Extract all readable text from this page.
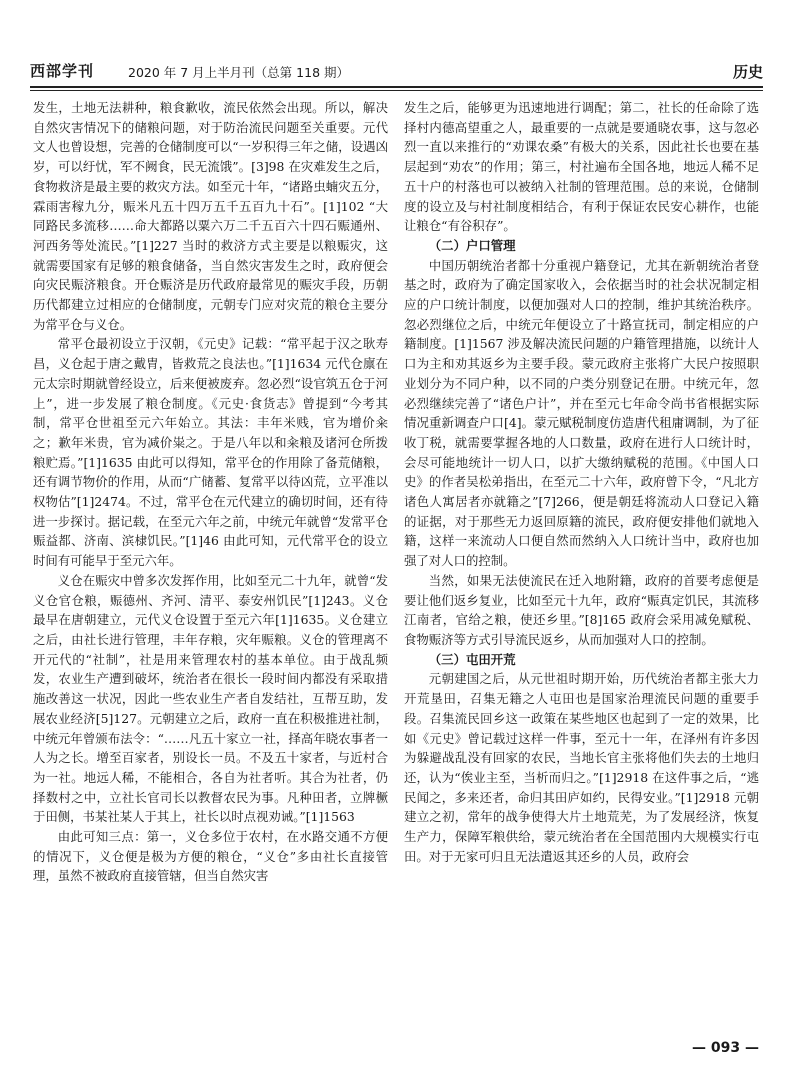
西部学刊	2020 年 7 月上半月刊（总第 118 期）	历史

发生，土地无法耕种，粮食歉收，流民依然会出现。所以，解决自然灾害情况下的储粮问题，对于防治流民问题至关重要。元代文人也曾设想，完善的仓储制度可以“一岁积得三年之储，设遇凶岁，可以纡忧，军不阙食，民无流饿”。[3]98 在灾难发生之后，食物救济是最主要的救灾方法。如至元十年，“诸路虫蝻灾五分，霖雨害稼九分，赈米凡五十四万五千五百九十石”。[1]102 “大同路民多流移……命大都路以粟六万二千五百六十四石赈通州、河西务等处流民。”[1]227 当时的救济方式主要是以粮赈灾，这就需要国家有足够的粮食储备，当自然灾害发生之时，政府便会向灾民赈济粮食。开仓赈济是历代政府最常见的赈灾手段，历朝历代都建立过相应的仓储制度，元朝专门应对灾荒的粮仓主要分为常平仓与义仓。

常平仓最初设立于汉朝，《元史》记载：“常平起于汉之耿寿昌，义仓起于唐之戴胄，皆救荒之良法也。”[1]1634 元代仓廪在元太宗时期就曾经设立，后来便被废弃。忽必烈“设官筑五仓于河上”，进一步发展了粮仓制度。《元史·食货志》曾提到“今考其制，常平仓世祖至元六年始立。其法：丰年米贱，官为增价籴之；歉年米贵，官为减价粜之。于是八年以和籴粮及诸河仓所拨粮贮焉。”[1]1635 由此可以得知，常平仓的作用除了备荒储粮，还有调节物价的作用，从而“广储蓄、复常平以待凶荒，立平准以权物估”[1]2474。不过，常平仓在元代建立的确切时间，还有待进一步探讨。据记载，在至元六年之前，中统元年就曾“发常平仓赈益都、济南、滨棣饥民。”[1]46 由此可知，元代常平仓的设立时间有可能早于至元六年。

义仓在赈灾中曾多次发挥作用，比如至元二十九年，就曾“发义仓官仓粮，赈德州、齐河、清平、泰安州饥民”[1]243。义仓最早在唐朝建立，元代义仓设置于至元六年[1]1635。义仓建立之后，由社长进行管理，丰年存粮，灾年赈粮。义仓的管理离不开元代的“社制”，社是用来管理农村的基本单位。由于战乱频发，农业生产遭到破坏，统治者在很长一段时间内都没有采取措施改善这一状况，因此一些农业生产者自发结社，互帮互助，发展农业经济[5]127。元朝建立之后，政府一直在积极推进社制，中统元年曾颁布法令：“……凡五十家立一社，择高年晓农事者一人为之长。增至百家者，别设长一员。不及五十家者，与近村合为一社。地远人稀，不能相合，各自为社者听。其合为社者，仍择数村之中，立社长官司长以教督农民为事。凡种田者，立牌橛于田侧，书某社某人于其上，社长以时点视劝诫。”[1]1563

由此可知三点：第一，义仓多位于农村，在水路交通不方便的情况下，义仓便是极为方便的粮仓，“义仓”多由社长直接管理，虽然不被政府直接管辖，但当自然灾害

发生之后，能够更为迅速地进行调配；第二，社长的任命除了选择村内德高望重之人，最重要的一点就是要通晓农事，这与忽必烈一直以来推行的“劝课农桑”有极大的关系，因此社长也要在基层起到“劝农”的作用；第三，村社遍布全国各地，地远人稀不足五十户的村落也可以被纳入社制的管理范围。总的来说，仓储制度的设立及与村社制度相结合，有利于保证农民安心耕作，也能让粮仓“有谷积存”。

（二）户口管理

中国历朝统治者都十分重视户籍登记，尤其在新朝统治者登基之时，政府为了确定国家收入，会依据当时的社会状况制定相应的户口统计制度，以便加强对人口的控制，维护其统治秩序。忽必烈继位之后，中统元年便设立了十路宣抚司，制定相应的户籍制度。[1]1567 涉及解决流民问题的户籍管理措施，以统计人口为主和劝其返乡为主要手段。蒙元政府主张将广大民户按照职业划分为不同户种，以不同的户类分别登记在册。中统元年，忽必烈继续完善了“诸色户计”，并在至元七年命令尚书省根据实际情况重新调查户口[4]。蒙元赋税制度仿造唐代租庸调制，为了征收丁税，就需要掌握各地的人口数量，政府在进行人口统计时，会尽可能地统计一切人口，以扩大缴纳赋税的范围。《中国人口史》的作者吴松弟指出，在至元二十六年，政府曾下令，“凡北方诸色人寓居者亦就籍之”[7]266，便是朝廷将流动人口登记入籍的证据，对于那些无力返回原籍的流民，政府便安排他们就地入籍，这样一来流动人口便自然而然纳入人口统计当中，政府也加强了对人口的控制。

当然，如果无法使流民在迁入地附籍，政府的首要考虑便是要让他们返乡复业，比如至元十九年，政府“赈真定饥民，其流移江南者，官给之粮，使还乡里。”[8]165 政府会采用减免赋税、食物赈济等方式引导流民返乡，从而加强对人口的控制。

（三）屯田开荒

元朝建国之后，从元世祖时期开始，历代统治者都主张大力开荒垦田，召集无籍之人屯田也是国家治理流民问题的重要手段。召集流民回乡这一政策在某些地区也起到了一定的效果，比如《元史》曾记载过这样一件事，至元十一年，在泽州有许多因为躲避战乱没有回家的农民，当地长官主张将他们失去的土地归还，认为“俟业主至，当析而归之。”[1]2918 在这件事之后，“逃民闻之，多来还者，命归其田庐如约，民得安业。”[1]2918 元朝建立之初，常年的战争使得大片土地荒芜，为了发展经济，恢复生产力，保障军粮供给，蒙元统治者在全国范围内大规模实行屯田。对于无家可归且无法遣返其还乡的人员，政府会

— 093 —
